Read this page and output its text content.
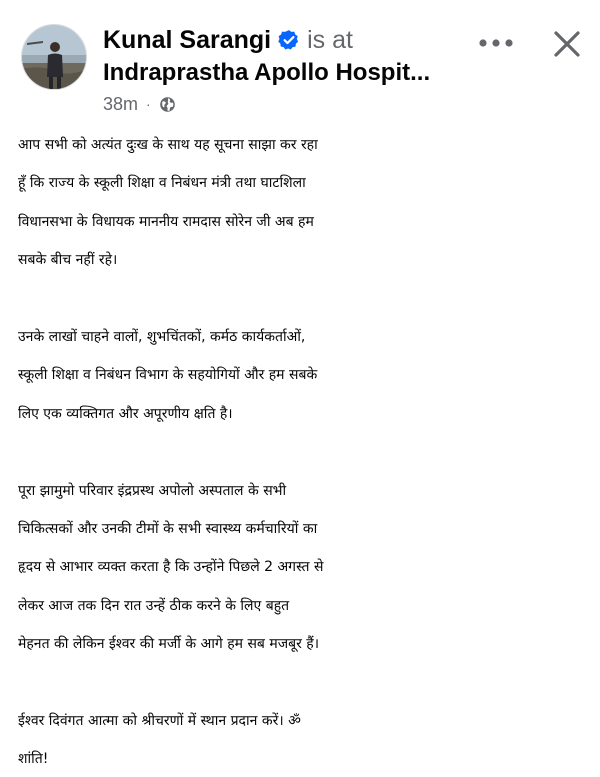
Kunal Sarangi is at
Indraprastha Apollo Hospit...
38m ·
आप सभी को अत्यंत दुःख के साथ यह सूचना साझा कर रहा
हूँ कि राज्य के स्कूली शिक्षा व निबंधन मंत्री तथा घाटशिला
विधानसभा के विधायक माननीय रामदास सोरेन जी अब हम
सबके बीच नहीं रहे।
उनके लाखों चाहने वालों, शुभचिंतकों, कर्मठ कार्यकर्ताओं,
स्कूली शिक्षा व निबंधन विभाग के सहयोगियों और हम सबके
लिए एक व्यक्तिगत और अपूरणीय क्षति है।
पूरा झामुमो परिवार इंद्रप्रस्थ अपोलो अस्पताल के सभी
चिकित्सकों और उनकी टीमों के सभी स्वास्थ्य कर्मचारियों का
हृदय से आभार व्यक्त करता है कि उन्होंने पिछले 2 अगस्त से
लेकर आज तक दिन रात उन्हें ठीक करने के लिए बहुत
मेहनत की लेकिन ईश्वर की मर्जी के आगे हम सब मजबूर हैं।
ईश्वर दिवंगत आत्मा को श्रीचरणों में स्थान प्रदान करें। ॐ
शांति!
